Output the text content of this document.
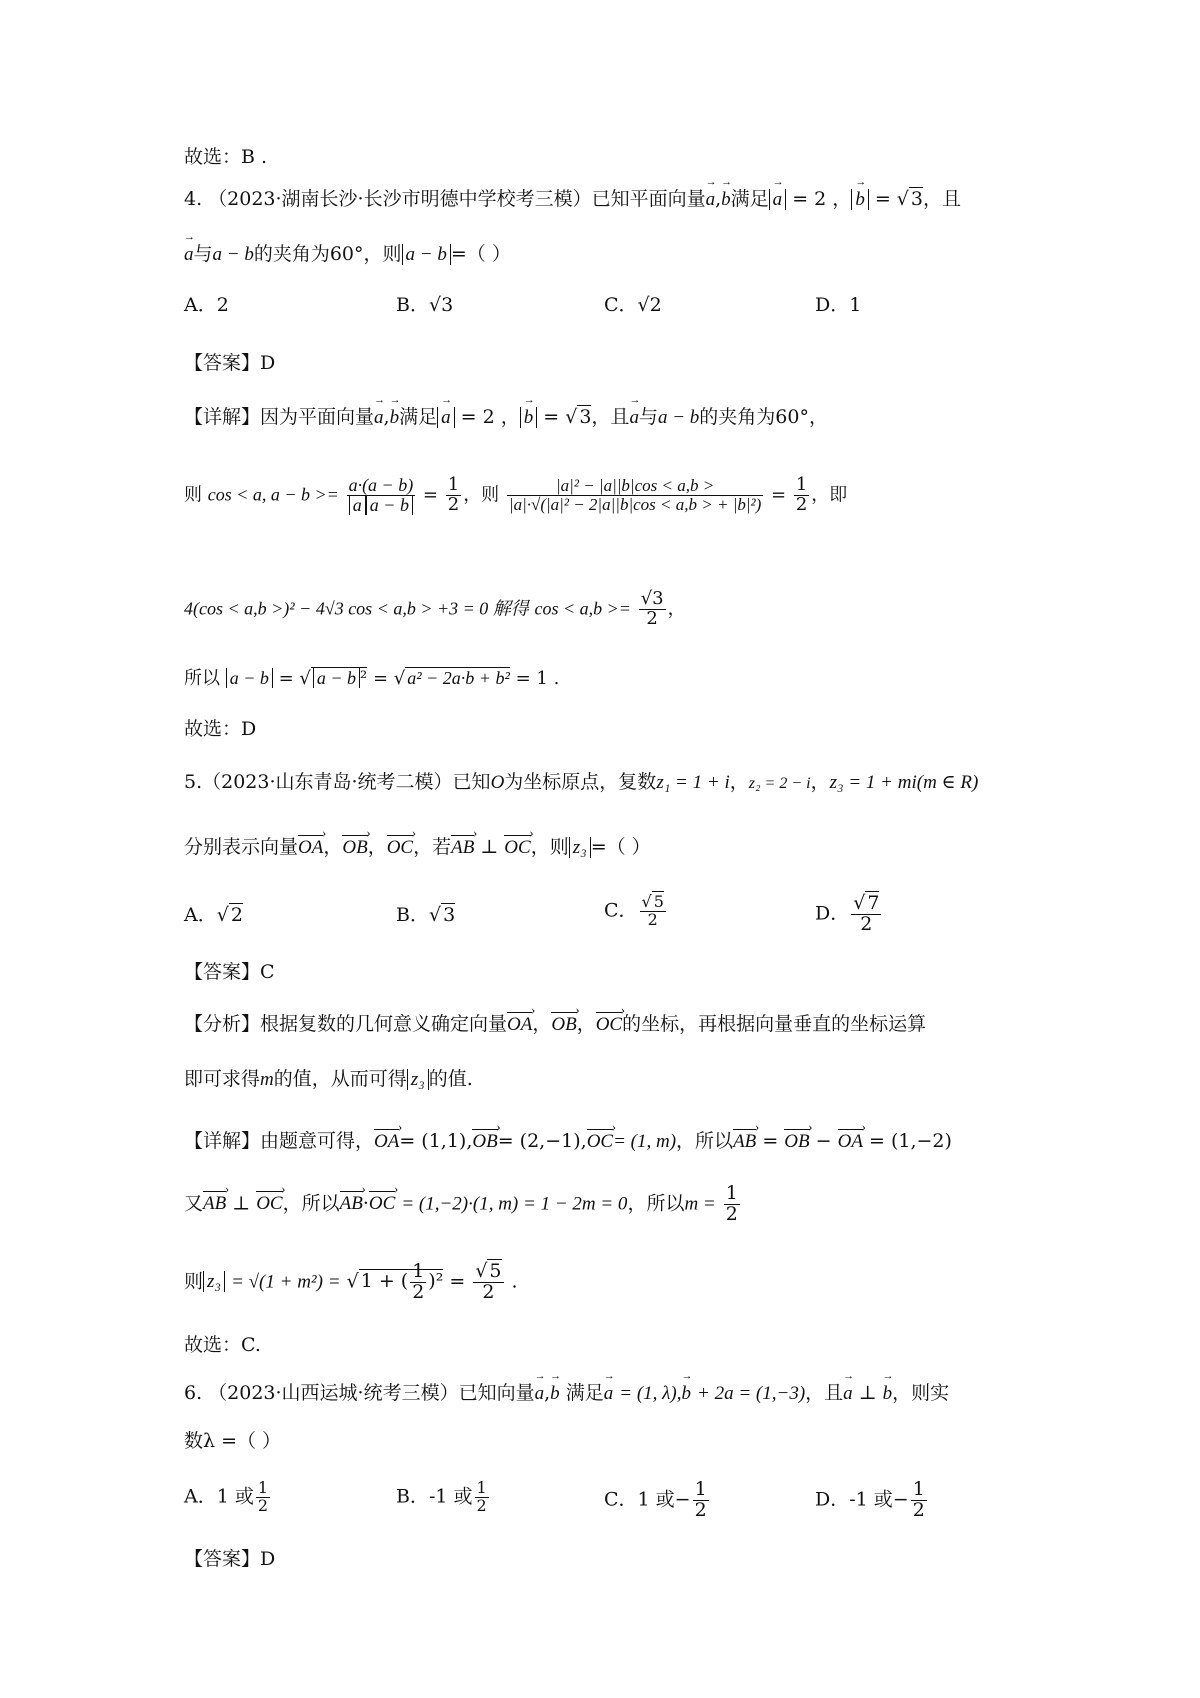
故选：B .
4. （2023·湖南长沙·长沙市明德中学校考三模）已知平面向量→ a,→ b满足 → a = 2 ， → b = √ 3，且
→ a与a − b的夹角为60°，则 a − b =（ ）
A．2	B．√3	C．√2	D．1
【答案】D
【详解】因为平面向量→ a,→ b满足 → a = 2 ， → b = √ 3，且→ a与a − b的夹角为60°，
则 cos < a, $a - b >= \frac{a\cdot(a - b)}{\text{a a − b}} = \frac{1}{2}$ ，则 $\frac{\text{|a|² − |a||b|cos < a,b >}}{\text{|a|·√(|a|² − 2|a||b|cos < a,b > + |b|²)}} = \frac{1}{2}$ ，即
4(cos < a,b >)² − 4√3 cos < a,b > +3 = 0 解得 $\cos < a,b >= \frac{√3}{2}$ ，
所以 a − b = √ a − b ² = √ a² − 2a·b + b² = 1 .
故选：D
5.（2023·山东青岛·统考二模）已知O为坐标原点，复数z₁ = 1 + i，z₂ = 2 − i，z₃ = 1 + mi(m ∈ R)
分别表示向量OA ›，OB ›，OC ›，若AB › ⊥ OC ›，则 z₃ =（ ）
A．√ 2	B．√ 3	C． $\frac{√ 5}{2}$	D． $\frac{√ 7}{2}$
【答案】C
【分析】根据复数的几何意义确定向量OA ›，OB ›，OC ›的坐标，再根据向量垂直的坐标运算
即可求得m的值，从而可得 z₃ 的值.
【详解】由题意可得，OA ›= (1,1),OB ›= (2,−1),OC ›= (1, m)，所以AB › = OB › − OA › = (1,−2)
又AB › ⊥ OC ›，所以AB ›·OC › = (1,−2)·(1, m) = 1 − 2m = 0，所以$m = \frac{1}{2}$
则 z₃ = √(1 + m²) = √ 1 + ( $\frac{1}{2} )^2 = \frac{√ 5}{2}$ .
故选：C.
6. （2023·山西运城·统考三模）已知向量→ a,→ b 满足→ a = (1, λ),→ b + 2a = (1,−3)，且→ a ⊥ → b，则实
数λ =（ ）
A．1 或 $\frac{1}{2}$	B．-1 或 $\frac{1}{2}$	C．1 或− $\frac{1}{2}$	D．-1 或− $\frac{1}{2}$
【答案】D
